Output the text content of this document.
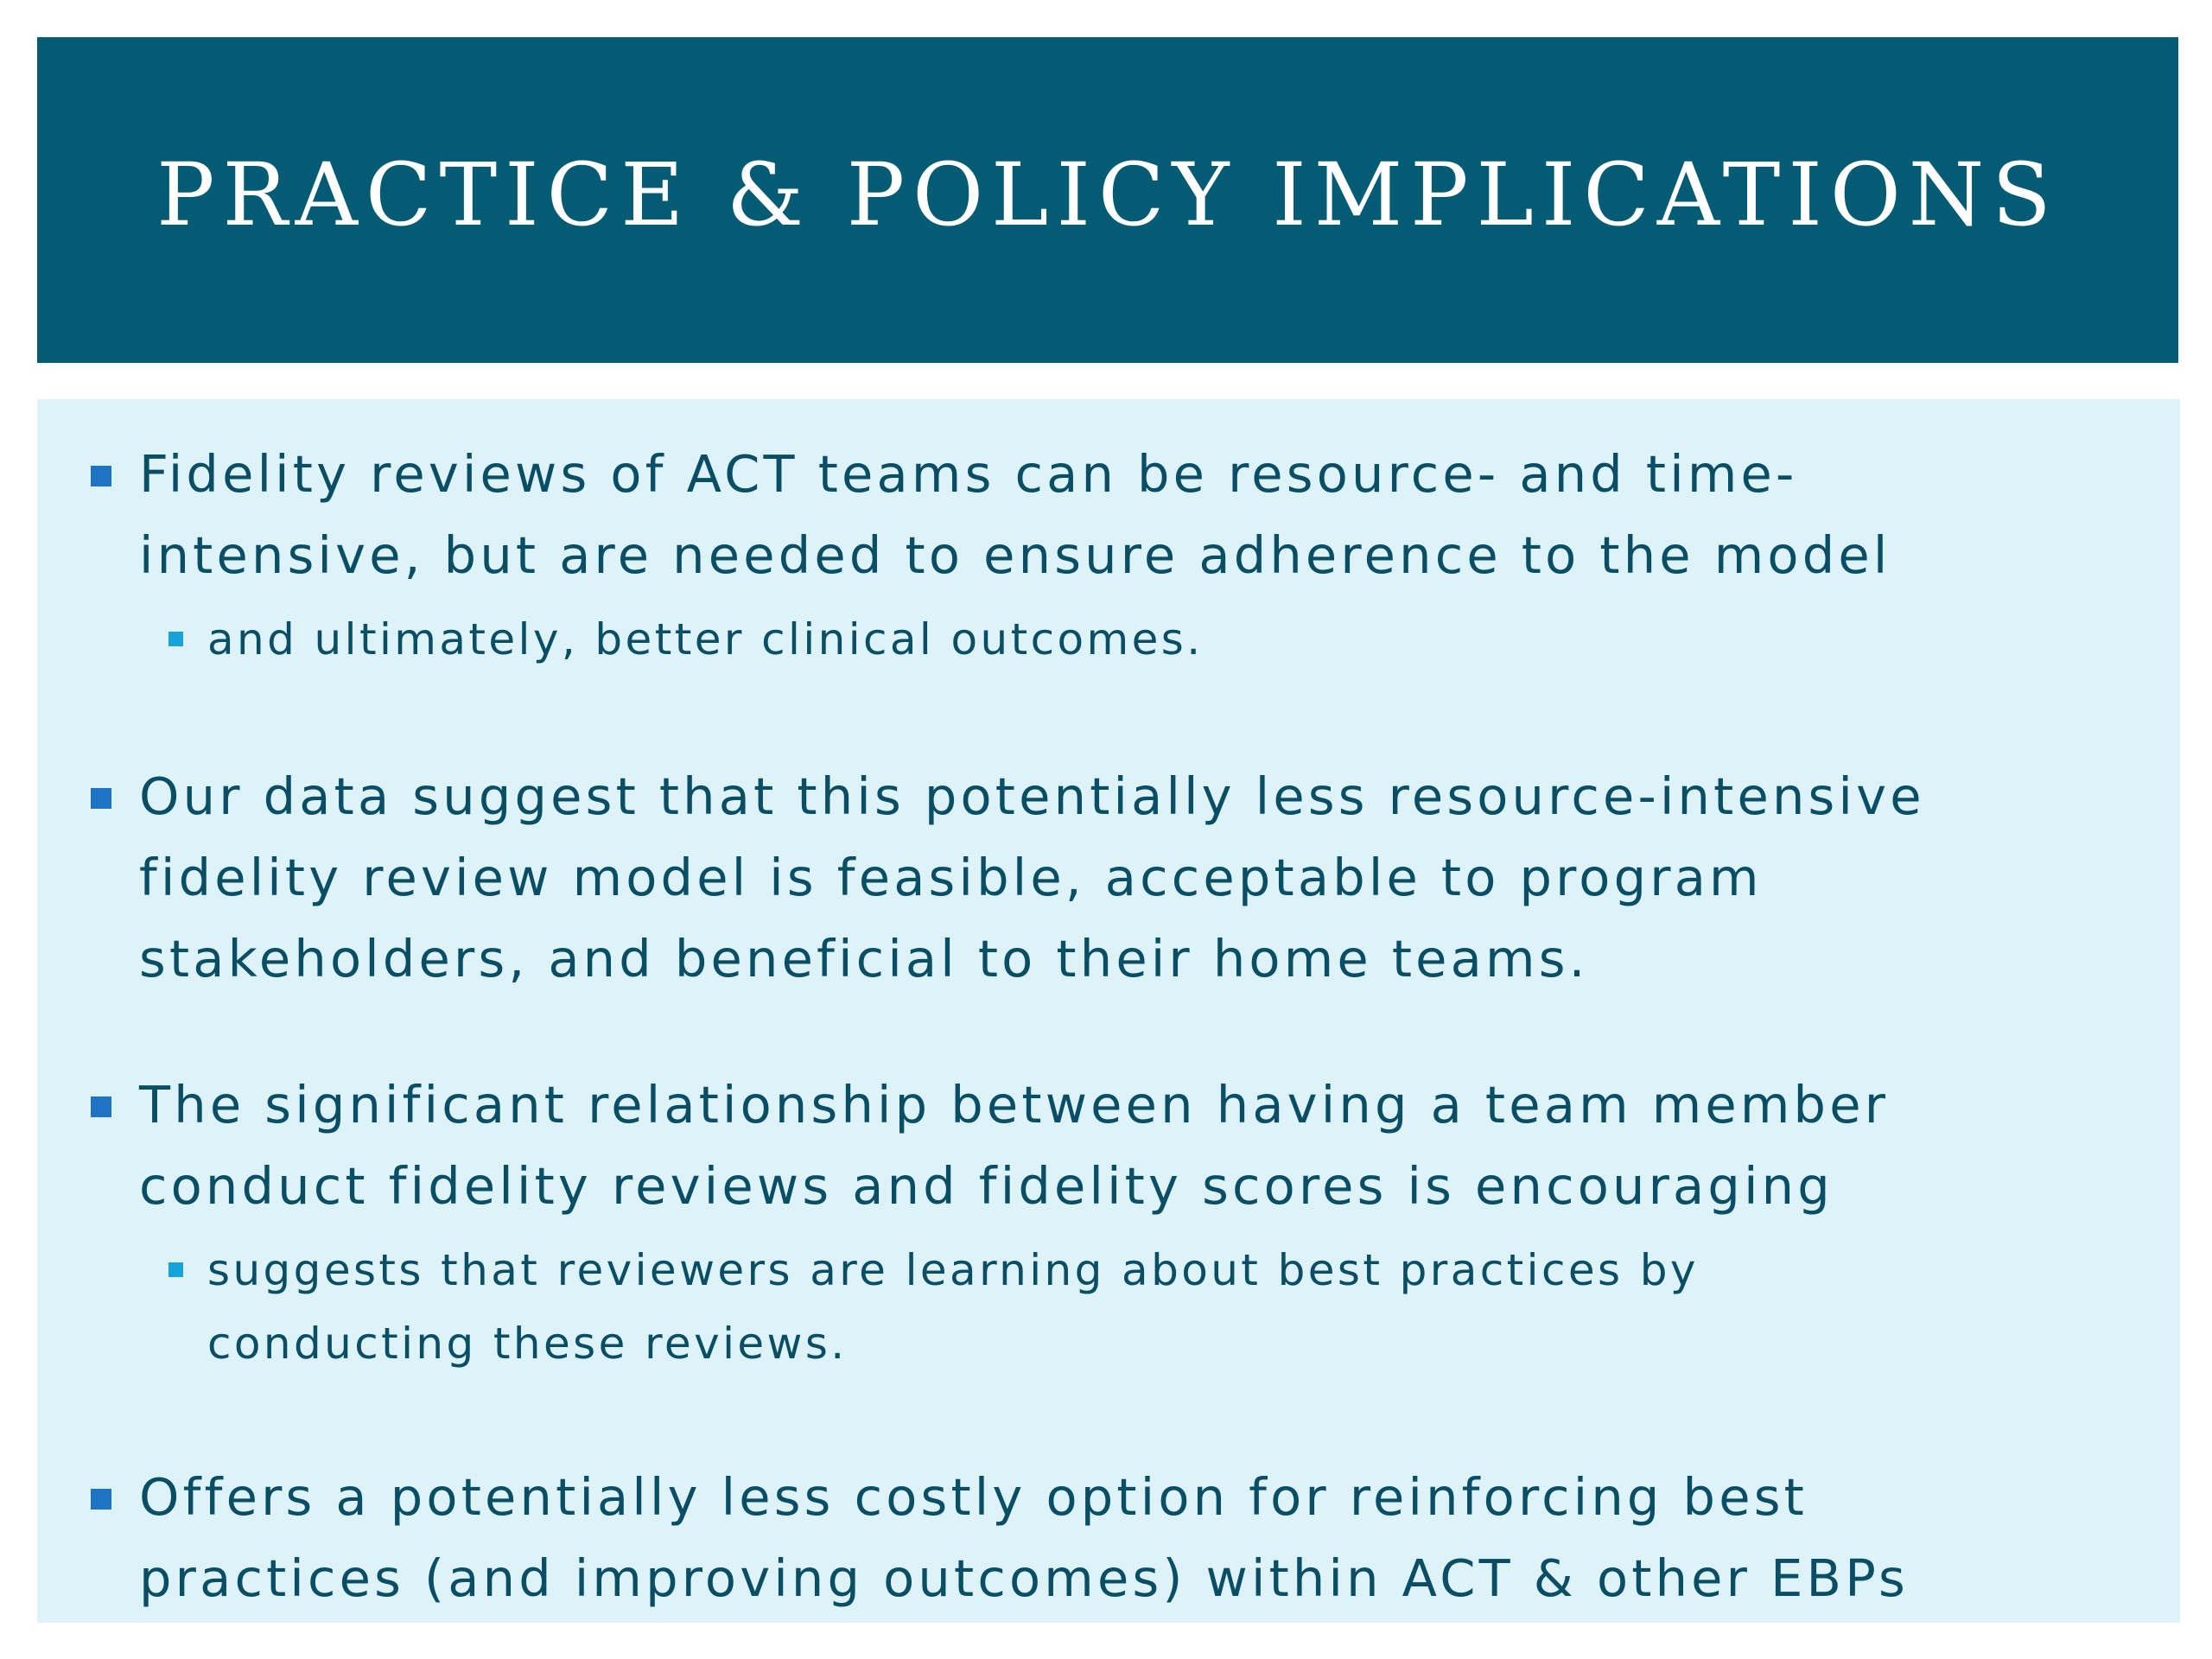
PRACTICE & POLICY IMPLICATIONS
Fidelity reviews of ACT teams can be resource- and time-
intensive, but are needed to ensure adherence to the model
and ultimately, better clinical outcomes.
Our data suggest that this potentially less resource-intensive
fidelity review model is feasible, acceptable to program
stakeholders, and beneficial to their home teams.
The significant relationship between having a team member
conduct fidelity reviews and fidelity scores is encouraging
suggests that reviewers are learning about best practices by
conducting these reviews.
Offers a potentially less costly option for reinforcing best
practices (and improving outcomes) within ACT & other EBPs
